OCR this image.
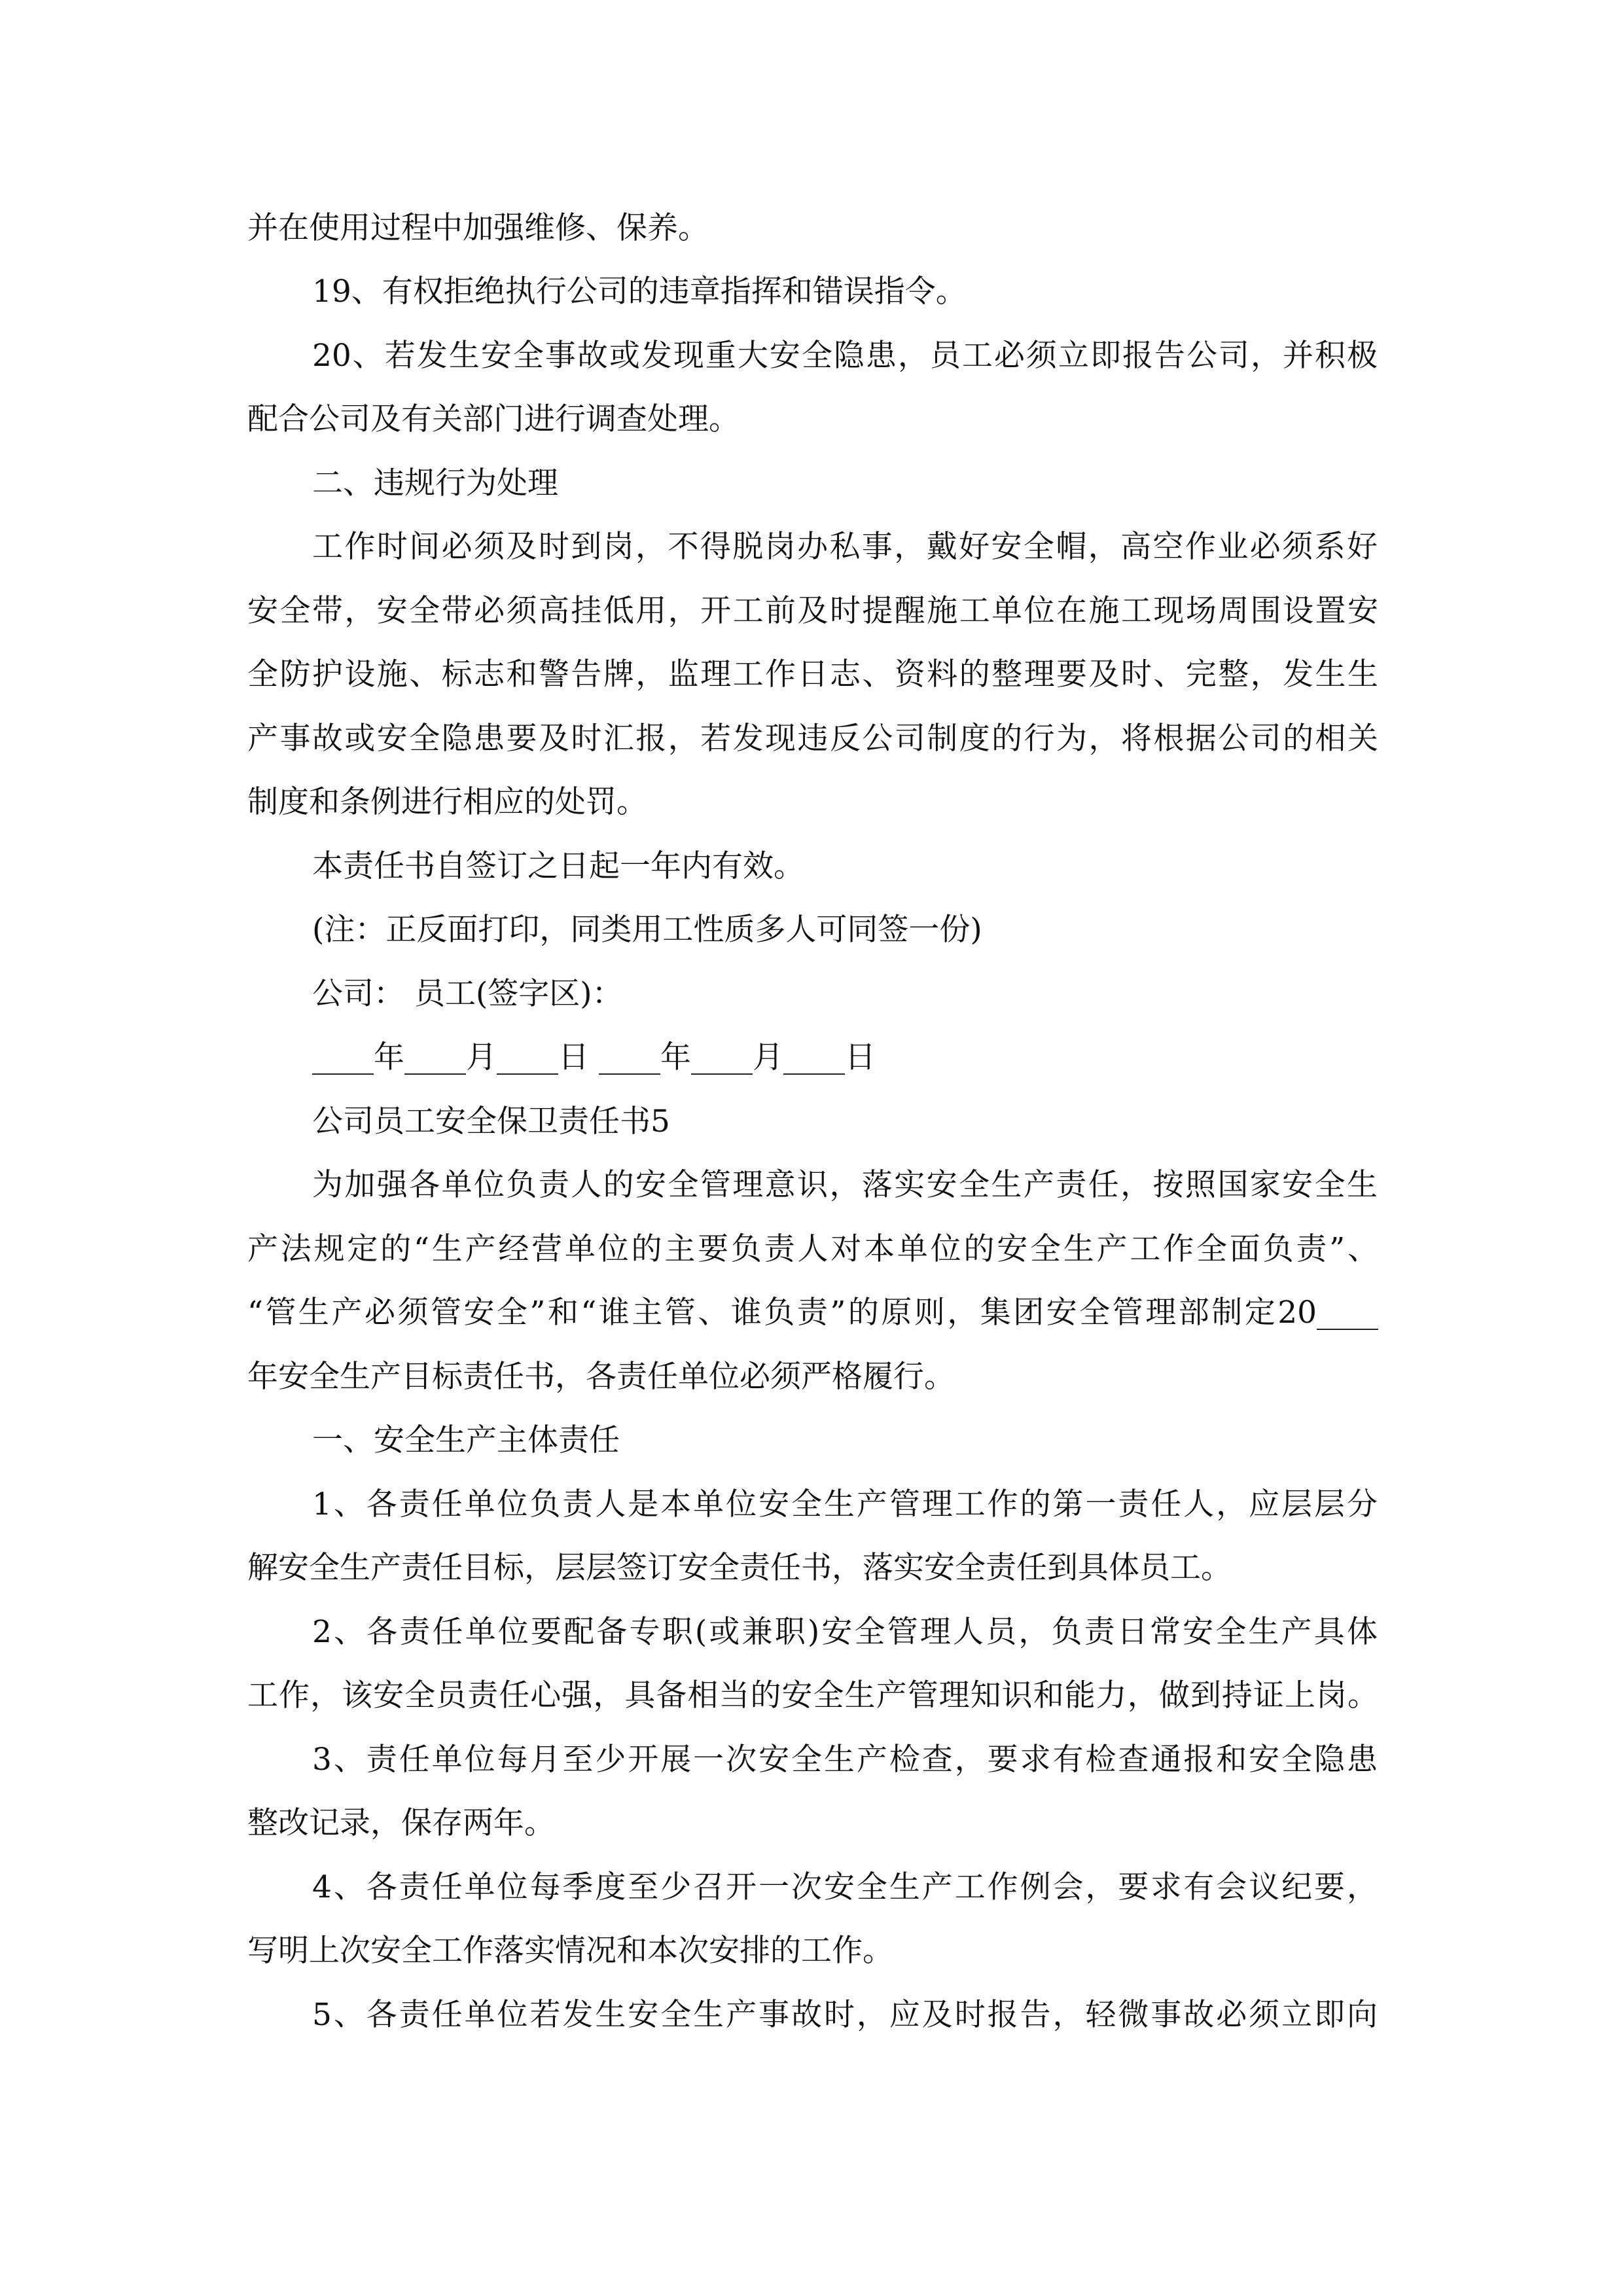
并在使用过程中加强维修、保养。
19、有权拒绝执行公司的违章指挥和错误指令。
20、若发生安全事故或发现重大安全隐患，员工必须立即报告公司，并积极
配合公司及有关部门进行调查处理。
二、违规行为处理
工作时间必须及时到岗，不得脱岗办私事，戴好安全帽，高空作业必须系好
安全带，安全带必须高挂低用，开工前及时提醒施工单位在施工现场周围设置安
全防护设施、标志和警告牌，监理工作日志、资料的整理要及时、完整，发生生
产事故或安全隐患要及时汇报，若发现违反公司制度的行为，将根据公司的相关
制度和条例进行相应的处罚。
本责任书自签订之日起一年内有效。
(注：正反面打印，同类用工性质多人可同签一份)
公司： 员工(签字区)：
____年____月____日 ____年____月____日
公司员工安全保卫责任书5
为加强各单位负责人的安全管理意识，落实安全生产责任，按照国家安全生
产法规定的“生产经营单位的主要负责人对本单位的安全生产工作全面负责”、
“管生产必须管安全”和“谁主管、谁负责”的原则，集团安全管理部制定20____
年安全生产目标责任书，各责任单位必须严格履行。
一、安全生产主体责任
1、各责任单位负责人是本单位安全生产管理工作的第一责任人，应层层分
解安全生产责任目标，层层签订安全责任书，落实安全责任到具体员工。
2、各责任单位要配备专职(或兼职)安全管理人员，负责日常安全生产具体
工作，该安全员责任心强，具备相当的安全生产管理知识和能力，做到持证上岗。
3、责任单位每月至少开展一次安全生产检查，要求有检查通报和安全隐患
整改记录，保存两年。
4、各责任单位每季度至少召开一次安全生产工作例会，要求有会议纪要，
写明上次安全工作落实情况和本次安排的工作。
5、各责任单位若发生安全生产事故时，应及时报告，轻微事故必须立即向
